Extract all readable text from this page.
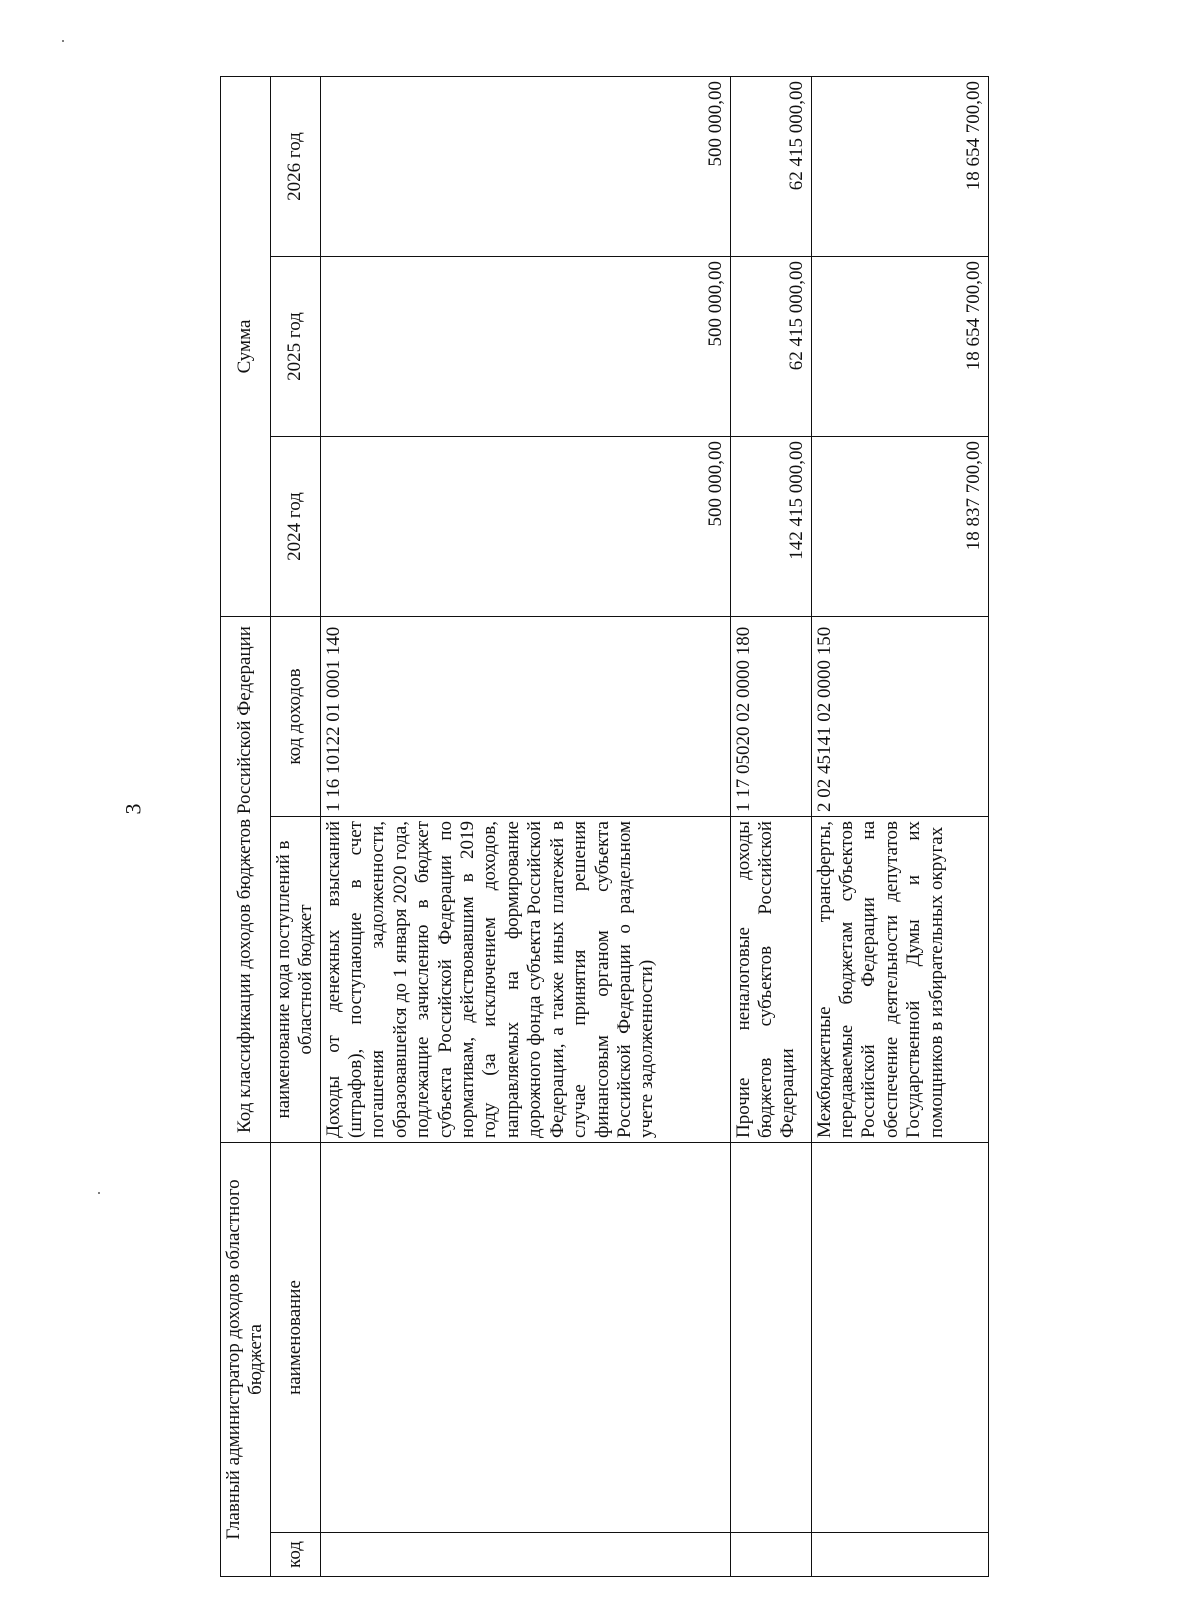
3
Главный администратор доходов областного бюджета		Код классификации доходов бюджетов Российской Федерации		Сумма		
код	наименование	наименование кода поступлений в областной бюджет	код доходов	2024 год	2025 год	2026 год
		Доходы от денежных взысканий (штрафов), поступающие в счет погашения задолженности, образовавшейся до 1 января 2020 года, подлежащие зачислению в бюджет субъекта Российской Федерации по нормативам, действовавшим в 2019 году (за исключением доходов, направляемых на формирование дорожного фонда субъекта Российской Федерации, а также иных платежей в случае принятия решения финансовым органом субъекта Российской Федерации о раздельном учете задолженности)	1 16 10122 01 0001 140	500 000,00	500 000,00	500 000,00
		Прочие неналоговые доходы бюджетов субъектов Российской Федерации	1 17 05020 02 0000 180	142 415 000,00	62 415 000,00	62 415 000,00
		Межбюджетные трансферты, передаваемые бюджетам субъектов Российской Федерации на обеспечение деятельности депутатов Государственной Думы и их помощников в избирательных округах	2 02 45141 02 0000 150	18 837 700,00	18 654 700,00	18 654 700,00
